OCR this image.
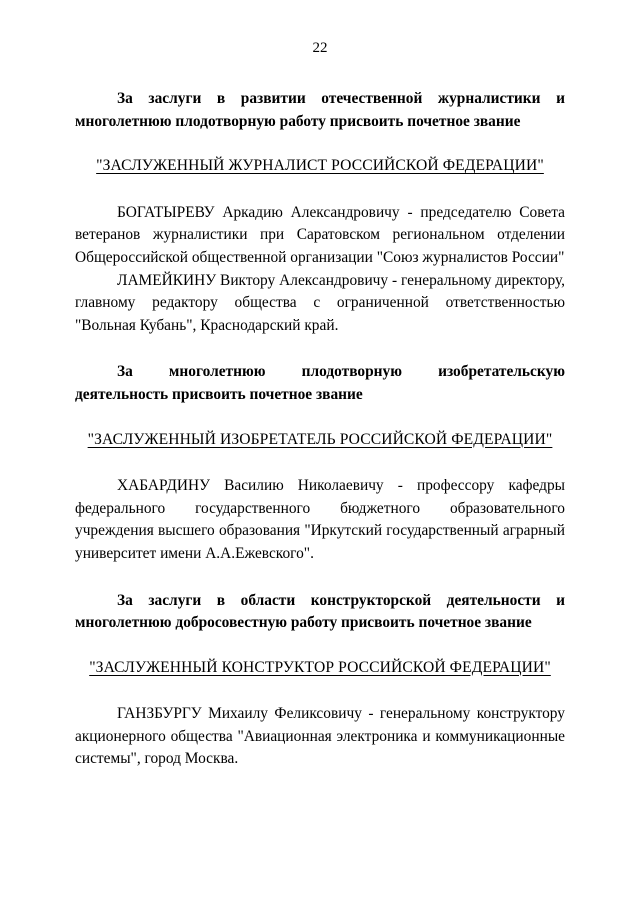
22

За заслуги в развитии отечественной журналистики и многолетнюю плодотворную работу присвоить почетное звание

"ЗАСЛУЖЕННЫЙ ЖУРНАЛИСТ РОССИЙСКОЙ ФЕДЕРАЦИИ"

БОГАТЫРЕВУ Аркадию Александровичу - председателю Совета ветеранов журналистики при Саратовском региональном отделении Общероссийской общественной организации "Союз журналистов России"

ЛАМЕЙКИНУ Виктору Александровичу - генеральному директору, главному редактору общества с ограниченной ответственностью "Вольная Кубань", Краснодарский край.

За многолетнюю плодотворную изобретательскую деятельность присвоить почетное звание

"ЗАСЛУЖЕННЫЙ ИЗОБРЕТАТЕЛЬ РОССИЙСКОЙ ФЕДЕРАЦИИ"

ХАБАРДИНУ Василию Николаевичу - профессору кафедры федерального государственного бюджетного образовательного учреждения высшего образования "Иркутский государственный аграрный университет имени А.А.Ежевского".

За заслуги в области конструкторской деятельности и многолетнюю добросовестную работу присвоить почетное звание

"ЗАСЛУЖЕННЫЙ КОНСТРУКТОР РОССИЙСКОЙ ФЕДЕРАЦИИ"

ГАНЗБУРГУ Михаилу Феликсовичу - генеральному конструктору акционерного общества "Авиационная электроника и коммуникационные системы", город Москва.
